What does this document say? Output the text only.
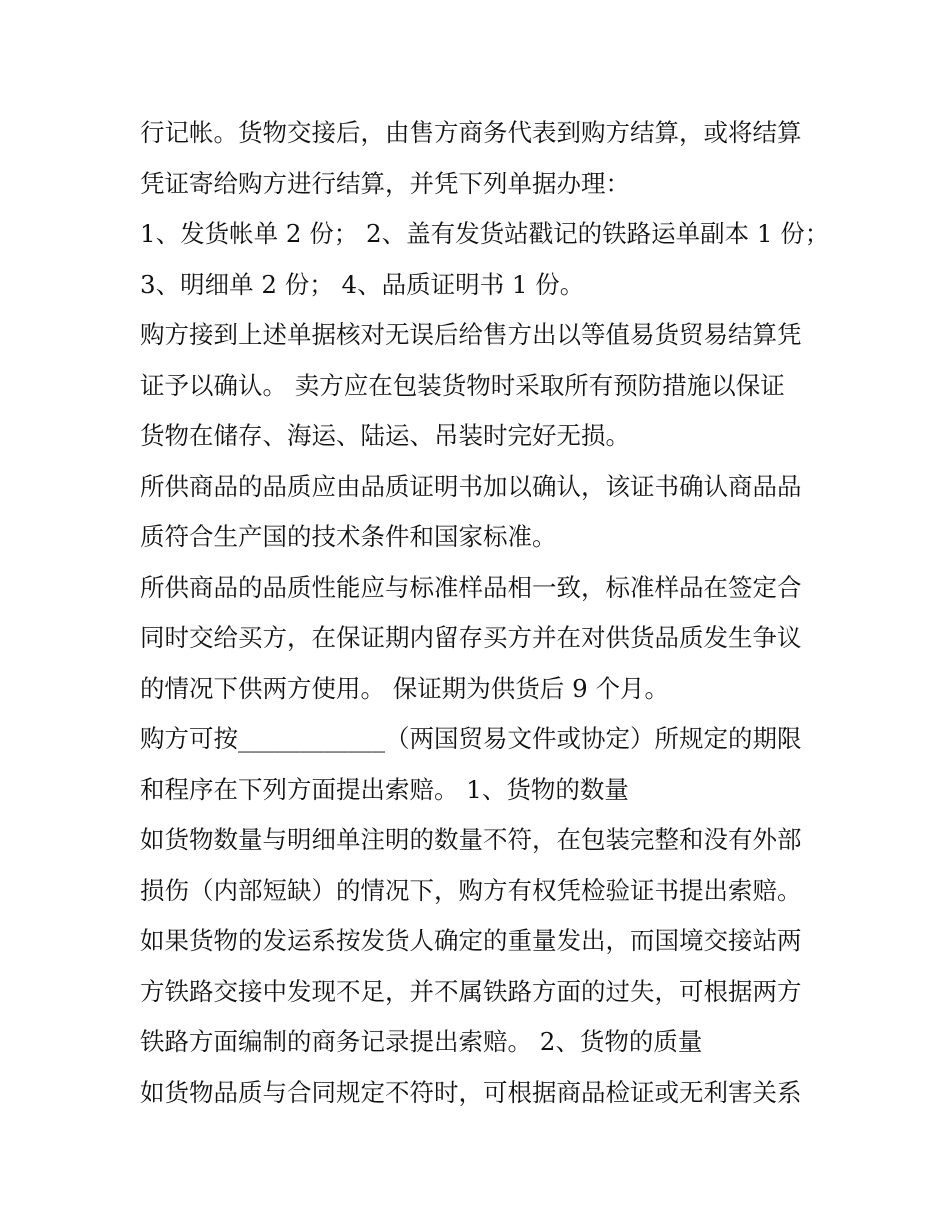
行记帐。货物交接后，由售方商务代表到购方结算，或将结算
凭证寄给购方进行结算，并凭下列单据办理：
1、发货帐单 2 份； 2、盖有发货站戳记的铁路运单副本 1 份；
3、明细单 2 份； 4、品质证明书 1 份。
购方接到上述单据核对无误后给售方出以等值易货贸易结算凭
证予以确认。 卖方应在包装货物时采取所有预防措施以保证
货物在储存、海运、陆运、吊装时完好无损。
所供商品的品质应由品质证明书加以确认，该证书确认商品品
质符合生产国的技术条件和国家标准。
所供商品的品质性能应与标准样品相一致，标准样品在签定合
同时交给买方，在保证期内留存买方并在对供货品质发生争议
的情况下供两方使用。 保证期为供货后 9 个月。
购方可按____________（两国贸易文件或协定）所规定的期限
和程序在下列方面提出索赔。 1、货物的数量
如货物数量与明细单注明的数量不符，在包装完整和没有外部
损伤（内部短缺）的情况下，购方有权凭检验证书提出索赔。
如果货物的发运系按发货人确定的重量发出，而国境交接站两
方铁路交接中发现不足，并不属铁路方面的过失，可根据两方
铁路方面编制的商务记录提出索赔。 2、货物的质量
如货物品质与合同规定不符时，可根据商品检证或无利害关系
